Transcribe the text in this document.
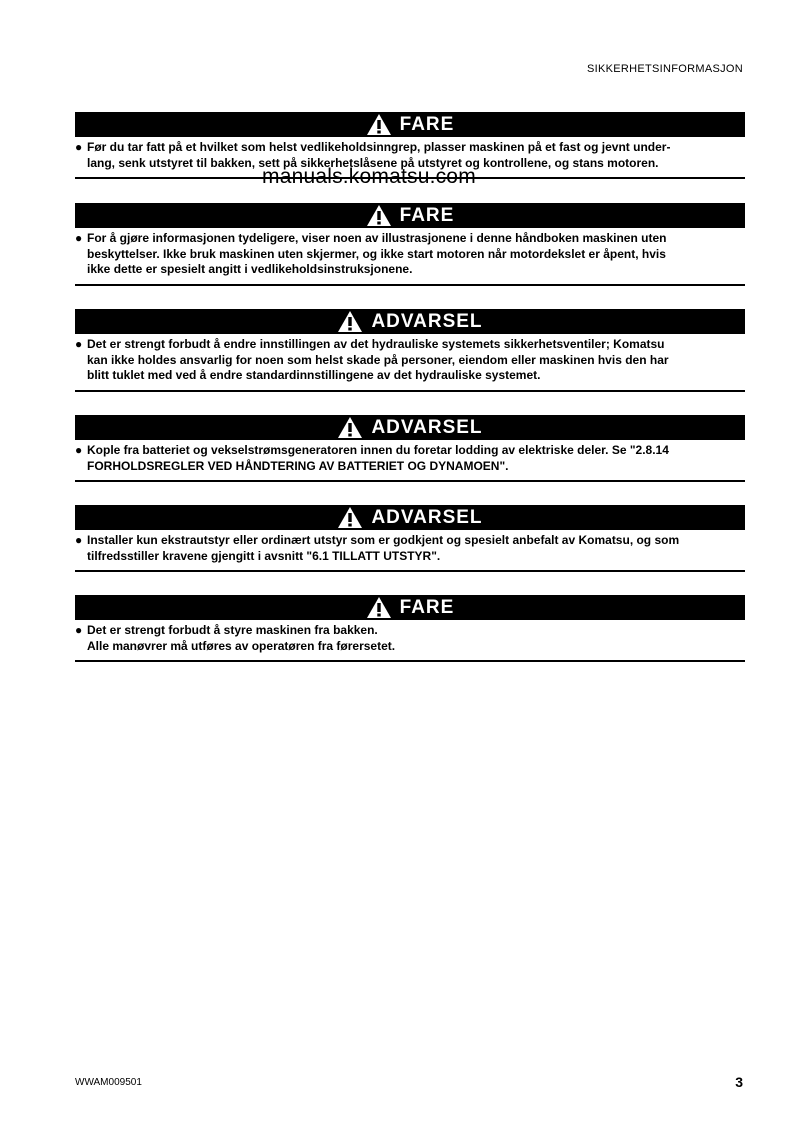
SIKKERHETSINFORMASJON
FARE
● Før du tar fatt på et hvilket som helst vedlikeholdsinngrep, plasser maskinen på et fast og jevnt under-
lang, senk utstyret til bakken, sett på sikkerhetslåsene på utstyret og kontrollene, og stans motoren.
FARE
● For å gjøre informasjonen tydeligere, viser noen av illustrasjonene i denne håndboken maskinen uten
beskyttelser. Ikke bruk maskinen uten skjermer, og ikke start motoren når motordekslet er åpent, hvis
ikke dette er spesielt angitt i vedlikeholdsinstruksjonene.
ADVARSEL
● Det er strengt forbudt å endre innstillingen av det hydrauliske systemets sikkerhetsventiler; Komatsu
kan ikke holdes ansvarlig for noen som helst skade på personer, eiendom eller maskinen hvis den har
blitt tuklet med ved å endre standardinnstillingene av det hydrauliske systemet.
ADVARSEL
● Kople fra batteriet og vekselstrømsgeneratoren innen du foretar lodding av elektriske deler. Se "2.8.14
FORHOLDSREGLER VED HÅNDTERING AV BATTERIET OG DYNAMOEN".
ADVARSEL
● Installer kun ekstrautstyr eller ordinært utstyr som er godkjent og spesielt anbefalt av Komatsu, og som
tilfredsstiller kravene gjengitt i avsnitt "6.1 TILLATT UTSTYR".
FARE
● Det er strengt forbudt å styre maskinen fra bakken.
Alle manøvrer må utføres av operatøren fra førersetet.
manuals.komatsu.com
WWAM009501	3
